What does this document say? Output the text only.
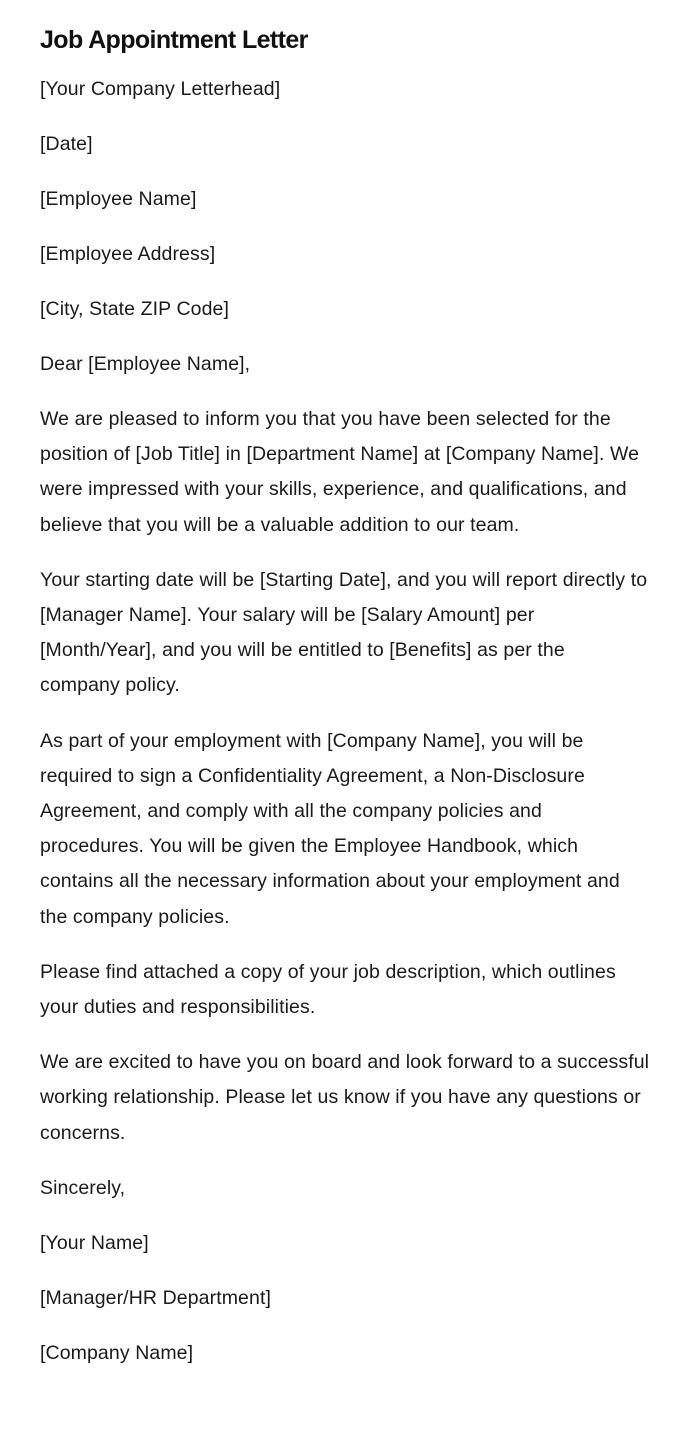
Job Appointment Letter
[Your Company Letterhead]
[Date]
[Employee Name]
[Employee Address]
[City, State ZIP Code]
Dear [Employee Name],

We are pleased to inform you that you have been selected for the position of [Job Title] in [Department Name] at [Company Name]. We were impressed with your skills, experience, and qualifications, and believe that you will be a valuable addition to our team.

Your starting date will be [Starting Date], and you will report directly to [Manager Name]. Your salary will be [Salary Amount] per [Month/Year], and you will be entitled to [Benefits] as per the company policy.

As part of your employment with [Company Name], you will be required to sign a Confidentiality Agreement, a Non-Disclosure Agreement, and comply with all the company policies and procedures. You will be given the Employee Handbook, which contains all the necessary information about your employment and the company policies.

Please find attached a copy of your job description, which outlines your duties and responsibilities.

We are excited to have you on board and look forward to a successful working relationship. Please let us know if you have any questions or concerns.

Sincerely,
[Your Name]
[Manager/HR Department]
[Company Name]
